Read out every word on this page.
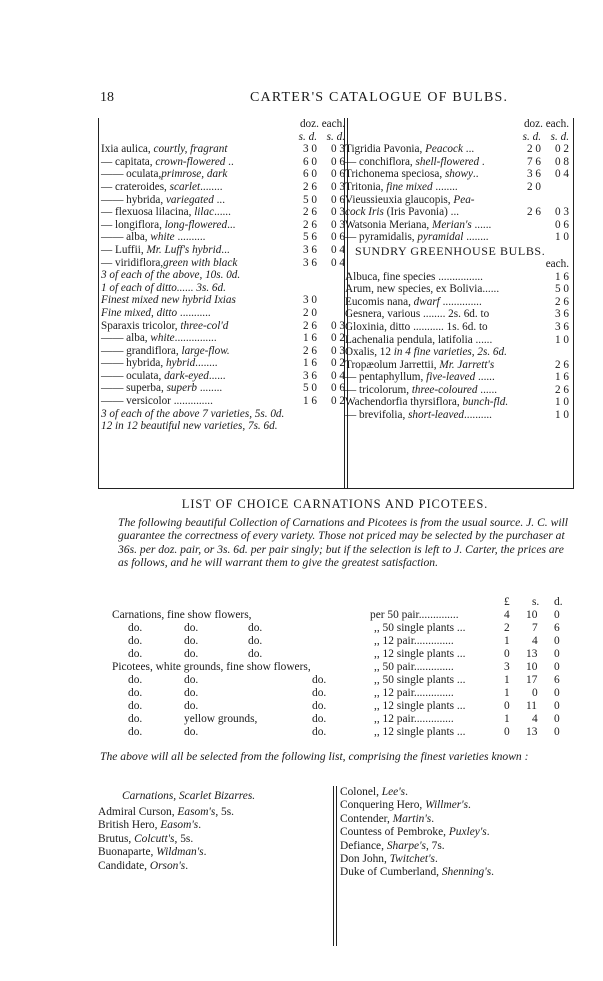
18	CARTER'S CATALOGUE OF BULBS.
doz. each.
s. d. s. d.
Ixia aulica, courtly, fragrant	3 0 0 3
— capitata, crown-flowered ..	6 0 0 6
—— oculata,primrose, dark	6 0 0 6
— crateroides, scarlet........	2 6 0 3
—— hybrida, variegated ...	5 0 0 6
— flexuosa lilacina, lilac......	2 6 0 3
— longiflora, long-flowered...	2 6 0 3
—— alba, white ..........	5 6 0 6
— Luffii, Mr. Luff's hybrid...	3 6 0 4
— viridiflora,green with black	3 6 0 4
3 of each of the above, 10s. 0d.
1 of each of ditto...... 3s. 6d.
Finest mixed new hybrid Ixias	3 0
Fine mixed, ditto ...........	2 0
Sparaxis tricolor, three-col'd	2 6 0 3
—— alba, white...............	1 6 0 2
—— grandiflora, large-flow.	2 6 0 3
—— hybrida, hybrid........	1 6 0 2
—— oculata, dark-eyed......	3 6 0 4
—— superba, superb ........	5 0 0 6
—— versicolor ..............	1 6 0 2
3 of each of the above 7 varieties, 5s. 0d.
12 in 12 beautiful new varieties, 7s. 6d.
doz. each.
s. d. s. d.
Tigridia Pavonia, Peacock ...	2 0 0 2
— conchiflora, shell-flowered .	7 6 0 8
Trichonema speciosa, showy..	3 6 0 4
Tritonia, fine mixed ........	2 0
Vieussieuxia glaucopis, Pea-
cock Iris (Iris Pavonia) ...	2 6 0 3
Watsonia Meriana, Merian's ......	0 6
— pyramidalis, pyramidal ........	1 0
SUNDRY GREENHOUSE BULBS.
each.
Albuca, fine species ................	1 6
Arum, new species, ex Bolivia......	5 0
Eucomis nana, dwarf ..............	2 6
Gesnera, various ........ 2s. 6d. to	3 6
Gloxinia, ditto ........... 1s. 6d. to	3 6
Lachenalia pendula, latifolia ......	1 0
Oxalis, 12 in 4 fine varieties, 2s. 6d.
Tropæolum Jarrettii, Mr. Jarrett's	2 6
— pentaphyllum, five-leaved ......	1 6
— tricolorum, three-coloured ......	2 6
Wachendorfia thyrsiflora, bunch-fld.	1 0
— brevifolia, short-leaved..........	1 0
LIST OF CHOICE CARNATIONS AND PICOTEES.
The following beautiful Collection of Carnations and Picotees is from the usual source. J. C. will guarantee the correctness of every variety. Those not priced may be selected by the purchaser at 36s. per doz. pair, or 3s. 6d. per pair singly; but if the selection is left to J. Carter, the prices are as follows, and he will warrant them to give the greatest satisfaction.
£ s. d.
Carnations, fine show flowers,	per 50 pair..............	4 10 0
do.	do.	do.	,, 50 single plants ...	2 7 6
do.	do.	do.	,, 12 pair..............	1 4 0
do.	do.	do.	,, 12 single plants ...	0 13 0
Picotees, white grounds, fine show flowers,	,, 50 pair..............	3 10 0
do.	do.	do.	,, 50 single plants ...	1 17 6
do.	do.	do.	,, 12 pair..............	1 0 0
do.	do.	do.	,, 12 single plants ...	0 11 0
do.	yellow grounds,	do.	,, 12 pair..............	1 4 0
do.	do.	do.	,, 12 single plants ...	0 13 0
The above will all be selected from the following list, comprising the finest varieties known :
Carnations, Scarlet Bizarres.
Admiral Curson, Easom's, 5s.
British Hero, Easom's.
Brutus, Colcutt's, 5s.
Buonaparte, Wildman's.
Candidate, Orson's.
Colonel, Lee's.
Conquering Hero, Willmer's.
Contender, Martin's.
Countess of Pembroke, Puxley's.
Defiance, Sharpe's, 7s.
Don John, Twitchet's.
Duke of Cumberland, Shenning's.
